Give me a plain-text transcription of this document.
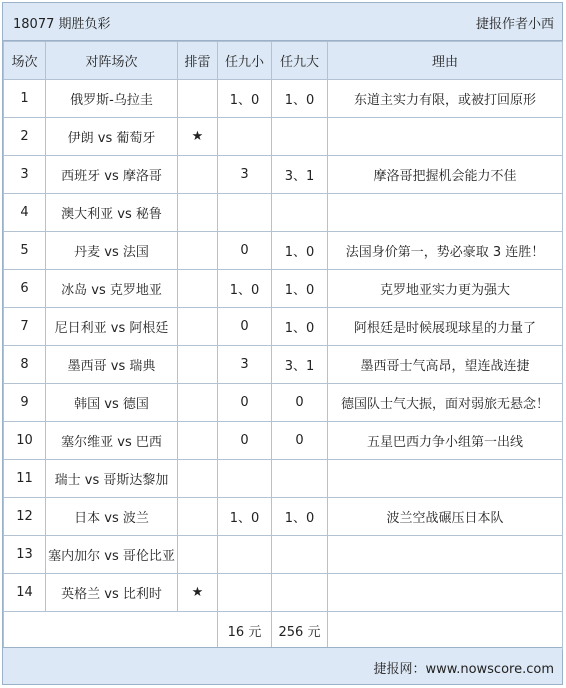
18077 期胜负彩	捷报作者小西
场次	对阵场次	排雷	任九小	任九大	理由
1	俄罗斯-乌拉圭		1、0	1、0	东道主实力有限，或被打回原形
2	伊朗 vs 葡萄牙	★			
3	西班牙 vs 摩洛哥		3	3、1	摩洛哥把握机会能力不佳
4	澳大利亚 vs 秘鲁				
5	丹麦 vs 法国		0	1、0	法国身价第一，势必豪取 3 连胜！
6	冰岛 vs 克罗地亚		1、0	1、0	克罗地亚实力更为强大
7	尼日利亚 vs 阿根廷		0	1、0	阿根廷是时候展现球星的力量了
8	墨西哥 vs 瑞典		3	3、1	墨西哥士气高昂，望连战连捷
9	韩国 vs 德国		0	0	德国队士气大振，面对弱旅无悬念！
10	塞尔维亚 vs 巴西		0	0	五星巴西力争小组第一出线
11	瑞士 vs 哥斯达黎加				
12	日本 vs 波兰		1、0	1、0	波兰空战碾压日本队
13	塞内加尔 vs 哥伦比亚				
14	英格兰 vs 比利时	★			
			16 元	256 元	
捷报网：www.nowscore.com
